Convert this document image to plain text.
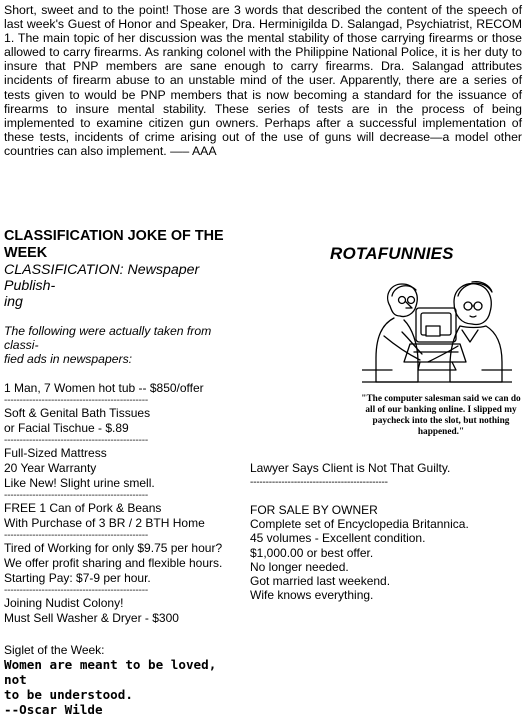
Short, sweet and to the point! Those are 3 words that described the content of the speech of last week's Guest of Honor and Speaker, Dra. Herminigilda D. Salangad, Psychiatrist, RECOM 1. The main topic of her discussion was the mental stability of those carrying firearms or those allowed to carry firearms. As ranking colonel with the Philippine National Police, it is her duty to insure that PNP members are sane enough to carry firearms. Dra. Salangad attributes incidents of firearm abuse to an unstable mind of the user. Apparently, there are a series of tests given to would be PNP members that is now becoming a standard for the issuance of firearms to insure mental stability. These series of tests are in the process of being implemented to examine citizen gun owners. Perhaps after a successful implementation of these tests, incidents of crime arising out of the use of guns will decrease—a model other countries can also implement. —– AAA

CLASSIFICATION JOKE OF THE WEEK

CLASSIFICATION: Newspaper Publish-

ing

The following were actually taken from classi-

fied ads in newspapers:

1 Man, 7 Women hot tub -- $850/offer

----------------------------------------------

Soft & Genital Bath Tissues

or Facial Tischue - $.89

----------------------------------------------

Full-Sized Mattress

20 Year Warranty

Like New! Slight urine smell.

----------------------------------------------

FREE 1 Can of Pork & Beans

With Purchase of 3 BR / 2 BTH Home

----------------------------------------------

Tired of Working for only $9.75 per hour?

We offer profit sharing and flexible hours.

Starting Pay: $7-9 per hour.

----------------------------------------------

Joining Nudist Colony!

Must Sell Washer & Dryer - $300

Siglet of the Week:

Women are meant to be loved, not

to be understood.

--Oscar Wilde

ROTAFUNNIES
"The computer salesman said we can do all of our banking online. I slipped my paycheck into the slot, but nothing happened."

Lawyer Says Client is Not That Guilty.

--------------------------------------------

FOR SALE BY OWNER

Complete set of Encyclopedia Britannica.

45 volumes - Excellent condition.

$1,000.00 or best offer.

No longer needed.

Got married last weekend.

Wife knows everything.
